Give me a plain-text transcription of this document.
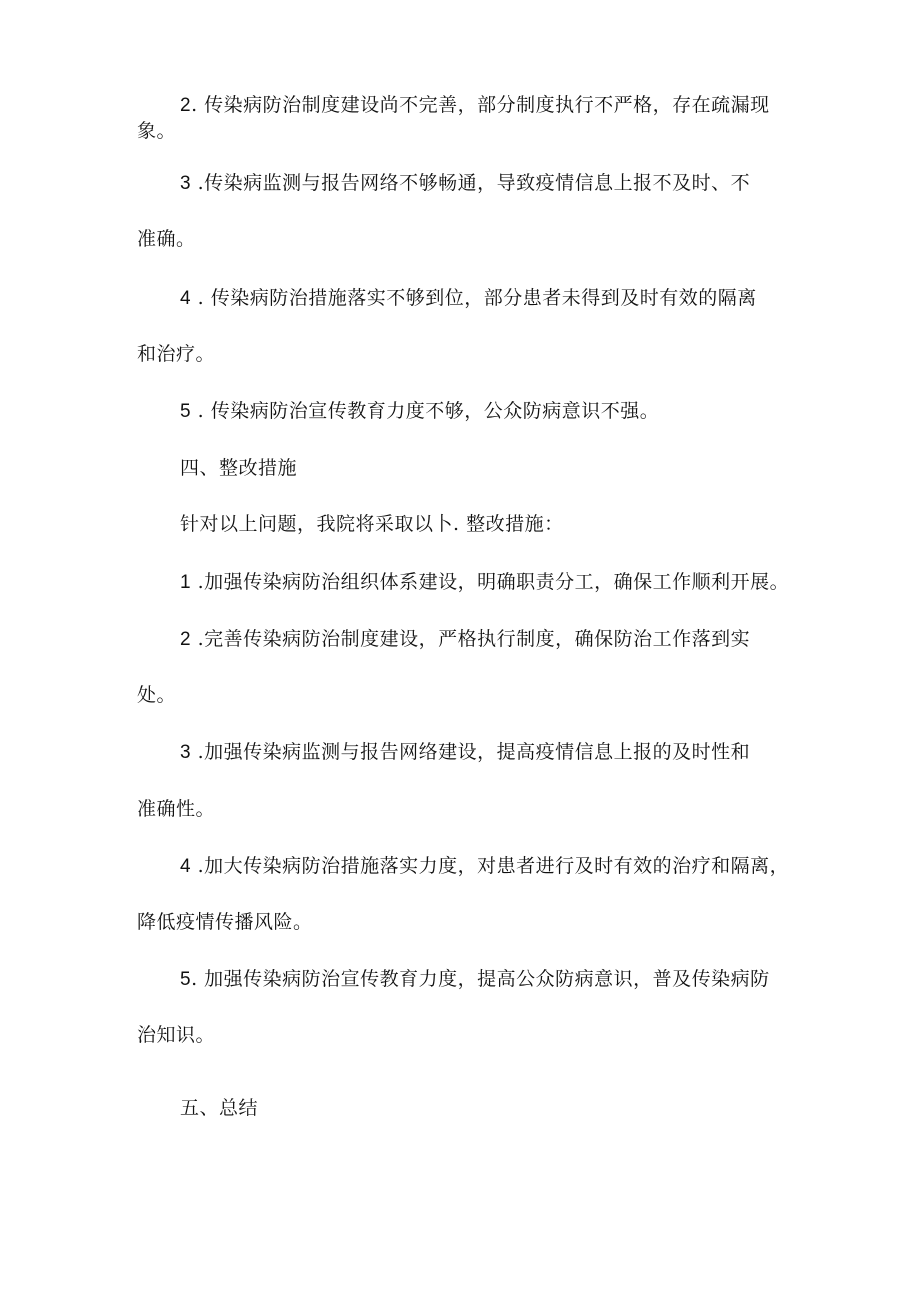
2. 传染病防治制度建设尚不完善，部分制度执行不严格，存在疏漏现
象。
3 .传染病监测与报告网络不够畅通，导致疫情信息上报不及时、不
准确。
4 . 传染病防治措施落实不够到位，部分患者未得到及时有效的隔离
和治疗。
5 . 传染病防治宣传教育力度不够，公众防病意识不强。
四、整改措施
针对以上问题，我院将采取以卜. 整改措施：
1 .加强传染病防治组织体系建设，明确职责分工，确保工作顺利开展。
2 .完善传染病防治制度建设，严格执行制度，确保防治工作落到实
处。
3 .加强传染病监测与报告网络建设，提高疫情信息上报的及时性和
准确性。
4 .加大传染病防治措施落实力度，对患者进行及时有效的治疗和隔离，
降低疫情传播风险。
5. 加强传染病防治宣传教育力度，提高公众防病意识，普及传染病防
治知识。
五、总结
